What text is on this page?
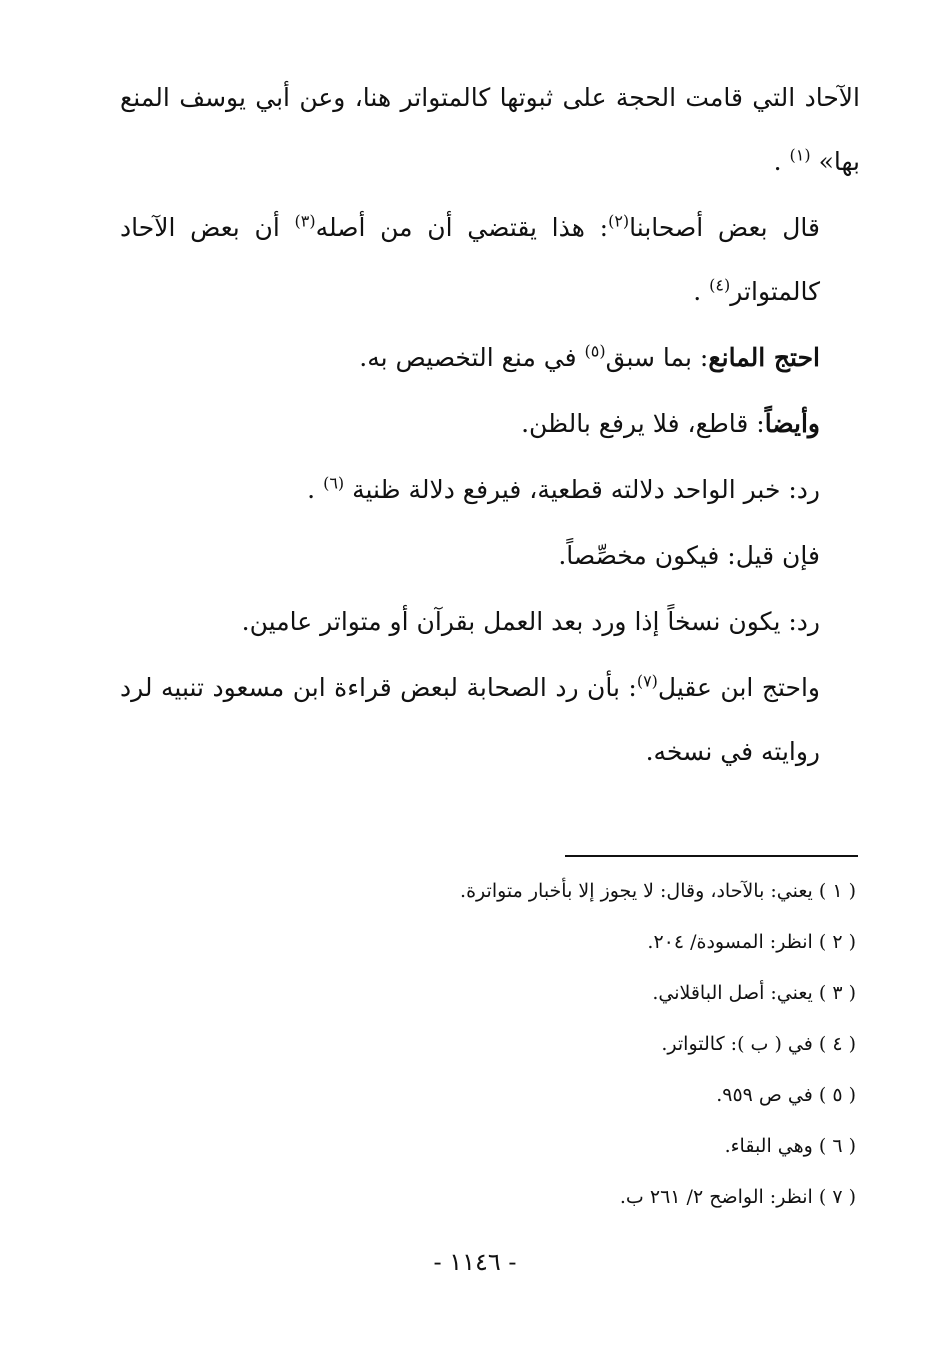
الآحاد التي قامت الحجة على ثبوتها كالمتواتر هنا، وعن أبي يوسف المنع بها» $^{(١)}$ .

قال بعض أصحابنا$^{(٢)}$: هذا يقتضي أن من أصله$^{(٣)}$ أن بعض الآحاد كالمتواتر$^{(٤)}$ .

احتج المانع: بما سبق$^{(٥)}$ في منع التخصيص به.

وأيضاً: قاطع، فلا يرفع بالظن.

رد: خبر الواحد دلالته قطعية، فيرفع دلالة ظنية $^{(٦)}$ .

فإن قيل: فيكون مخصِّصاً.

رد: يكون نسخاً إذا ورد بعد العمل بقرآن أو متواتر عامين.

واحتج ابن عقيل$^{(٧)}$: بأن رد الصحابة لبعض قراءة ابن مسعود تنبيه لرد روايته في نسخه.

( ١ ) يعني: بالآحاد، وقال: لا يجوز إلا بأخبار متواترة.

( ٢ ) انظر: المسودة/ ٢٠٤.

( ٣ ) يعني: أصل الباقلاني.

( ٤ ) في ( ب ): كالتواتر.

( ٥ ) في ص ٩٥٩.

( ٦ ) وهي البقاء.

( ٧ ) انظر: الواضح ٢/ ٢٦١ ب.

- ١١٤٦ -
